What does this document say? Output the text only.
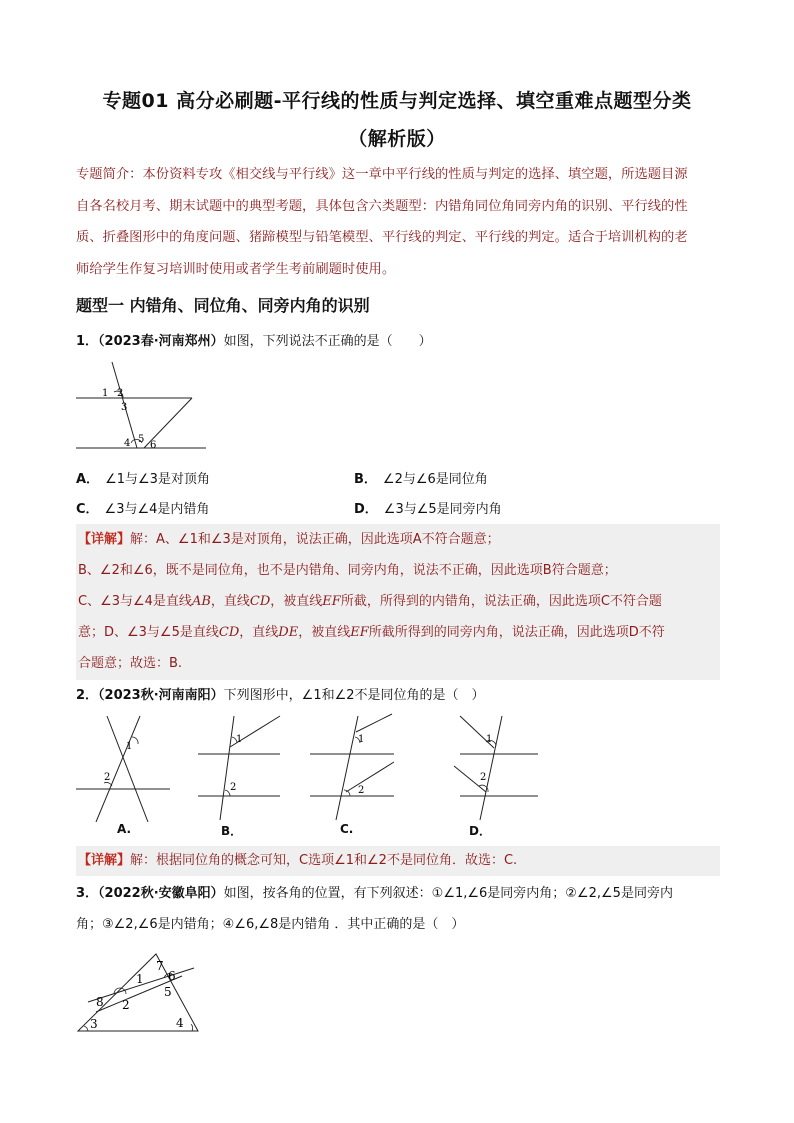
专题01 高分必刷题-平行线的性质与判定选择、填空重难点题型分类
（解析版）
专题简介：本份资料专攻《相交线与平行线》这一章中平行线的性质与判定的选择、填空题，所选题目源
自各名校月考、期末试题中的典型考题，具体包含六类题型：内错角同位角同旁内角的识别、平行线的性
质、折叠图形中的角度问题、猪蹄模型与铅笔模型、平行线的判定、平行线的判定。适合于培训机构的老
师给学生作复习培训时使用或者学生考前刷题时使用。
题型一 内错角、同位角、同旁内角的识别
1．（2023春·河南郑州）如图，下列说法不正确的是（　　）
1 2
3
4 5
6
A． ∠1与∠3是对顶角	B． ∠2与∠6是同位角
C． ∠3与∠4是内错角	D． ∠3与∠5是同旁内角
【详解】解：A、∠1和∠3是对顶角，说法正确，因此选项A不符合题意；
B、∠2和∠6，既不是同位角，也不是内错角、同旁内角，说法不正确，因此选项B符合题意；
C、∠3与∠4是直线AB，直线CD，被直线EF所截，所得到的内错角，说法正确，因此选项C不符合题
意；D、∠3与∠5是直线CD，直线DE，被直线EF所截所得到的同旁内角，说法正确，因此选项D不符
合题意；故选：B.
2．（2023秋·河南南阳）下列图形中，∠1和∠2不是同位角的是（　）
1
2
1
2
1
2
1
2
A.	B．	C.	D．
【详解】解：根据同位角的概念可知，C选项∠1和∠2不是同位角．故选：C.
3．（2022秋·安徽阜阳）如图，按各角的位置，有下列叙述：①∠1,∠6是同旁内角；②∠2,∠5是同旁内
角；③∠2,∠6是内错角；④∠6,∠8是内错角 ．其中正确的是（　）
7
6
1
5
8 2
3	4
